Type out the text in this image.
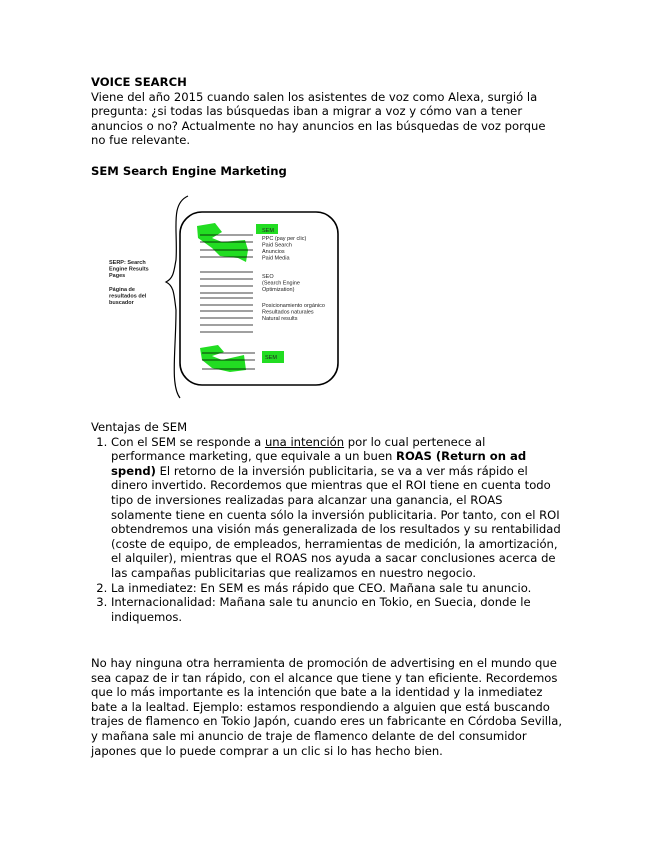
VOICE SEARCH

Viene del año 2015 cuando salen los asistentes de voz como Alexa, surgió la pregunta: ¿si todas las búsquedas iban a migrar a voz y cómo van a tener anuncios o no? Actualmente no hay anuncios en las búsquedas de voz porque no fue relevante.

SEM Search Engine Marketing
SERP: Search Engine Results Pages
Página de resultados del buscador
SEM
PPC (pay per clic) Paid Search Anuncios Paid Media
SEO (Search Engine Optimization)
Posicionamiento orgánico Resultados naturales Natural results
SEM

Ventajas de SEM

1. Con el SEM se responde a una intención por lo cual pertenece al performance marketing, que equivale a un buen ROAS (Return on ad spend) El retorno de la inversión publicitaria, se va a ver más rápido el dinero invertido. Recordemos que mientras que el ROI tiene en cuenta todo tipo de inversiones realizadas para alcanzar una ganancia, el ROAS solamente tiene en cuenta sólo la inversión publicitaria. Por tanto, con el ROI obtendremos una visión más generalizada de los resultados y su rentabilidad (coste de equipo, de empleados, herramientas de medición, la amortización, el alquiler), mientras que el ROAS nos ayuda a sacar conclusiones acerca de las campañas publicitarias que realizamos en nuestro negocio.
2. La inmediatez: En SEM es más rápido que CEO. Mañana sale tu anuncio.
3. Internacionalidad: Mañana sale tu anuncio en Tokio, en Suecia, donde le indiquemos.

No hay ninguna otra herramienta de promoción de advertising en el mundo que sea capaz de ir tan rápido, con el alcance que tiene y tan eficiente. Recordemos que lo más importante es la intención que bate a la identidad y la inmediatez bate a la lealtad. Ejemplo: estamos respondiendo a alguien que está buscando trajes de flamenco en Tokio Japón, cuando eres un fabricante en Córdoba Sevilla, y mañana sale mi anuncio de traje de flamenco delante de del consumidor japones que lo puede comprar a un clic si lo has hecho bien.
